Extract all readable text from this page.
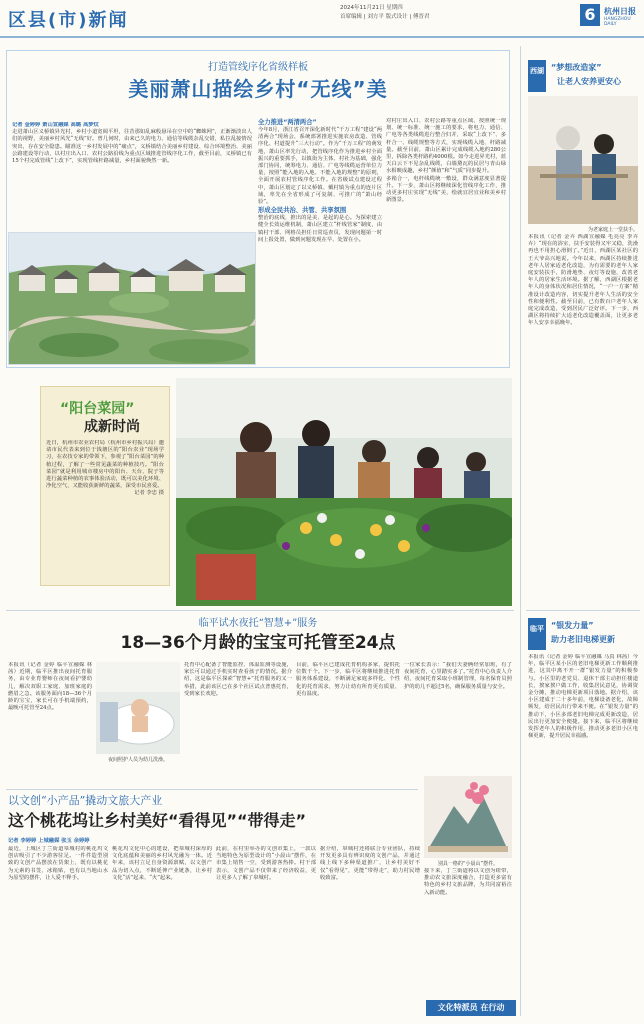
区县(市)新闻
2024年11月21日 星期四
首席编辑 | 刘方平 版式设计 | 傅晋君	6	杭州日报
HANGZHOU DAILY
打造管线序化省级样板
美丽萧山描绘乡村“无线”美
记者 金婷婷 萧山宣融媒 高璐 高梦炆
走进萧山区义桥镇昇光村，乡村小道宽阔平坦，往昔那如乱麻般悬吊在空中的“蜘蛛网”，正渐渐淡出人们的视野，美丽乡村风光“无线”好。曾几何时，由来已久的电力、通信等线缆杂乱交错，私拉乱接情况突出，存在安全隐患。瞄准这一乡村发展中的“痛点”，义桥镇结合美丽乡村建设、综合环境整治、美丽公路建设等行动，以村庄出入口、农村公路沿线为重点区域推进管线序化工作，截至目前，义桥镇已有15个村完成管线“上改下”，实现管线杆路减量，乡村面貌焕然一新。
全力推进“两清两合”
今年8月，浙江省召开深化新时代“千万工程”建设“两清两合”现场会，系统部署推进实施农房改造、管线序化、村道提升“三大行动”。作为“千万工程”的萌发地，萧山区率先行动，把管线序化作为推进乡村全面振兴的重要抓手，以镇街为主体、村社为基础，强化部门协同，统筹电力、通信、广电等线缆运营单位力量，按照“能入地的入地、不能入地的规整”的原则，全面开展农村管线序化工作。在省级试点建设过程中，萧山区划定了以义桥镇、戴村镇为重点的连片区域，率先在全省形成了可复制、可推广的“萧山经验”。
形成全民共治、共管、共享氛围
整治的底线，推出的是美、是起的是心。为探索建立健全长效运维机制，萧山区建立“杆线管家”制度，由镇村干部、网格员担任日常巡查员，发现问题第一时间上报处置，做到问题发现在早、处置在小。
对村庄出入口、农村公路等重点区域，按照统一规划、统一标准、统一施工的要求，将电力、通信、广电等各类线缆进行整合归并，采取“上改下”、多杆合一、线缆规整等方式，实现线缆入地、杆路减量。截至目前，萧山区累计完成线缆入地约280公里，拆除各类杆路约4000根。如今走进昇光村，蓝天白云下不见杂乱线缆，白墙黛瓦的民居与青山绿水相映成趣，乡村“颜值”和“气质”同步提升。
多箱合一，电杆线缆统一敷设，群众满意度显著提升。下一步，萧山区将继续深化管线序化工作，推动更多村庄实现“无线”美，绘就宜居宜业和美乡村新图景。
“阳台菜园”
成新时尚
近日，杭州市农业农村局（杭州市乡村振兴局）邀请市民代表来到位于钱塘区的“阳台农业”现场学习，在农技专家的带领下，参观了“阳台菜园”的种植过程，了解了一些常见蔬菜的种植技巧。“阳台菜园”就是利用城市楼房中的阳台、天台、院子等进行蔬菜种植的农事体验活动，既可以美化环境、净化空气，又能收获新鲜的蔬菜，深受市民喜爱。

记者 李忠 摄
临平试水夜托“智慧+”服务
18—36个月龄的宝宝可托管至24点
本报讯（记者 金婷 临平宣融媒 林茜）近期，临平区推出夜间托育服务，由专业育婴师在夜间看护婴幼儿，解决双职工家庭、加班家庭的燃眉之急。该服务面向18—36个月龄的宝宝，家长可在手机端预约，最晚可托管至24点。
夜间照护人员为幼儿洗澡。
托育中心配备了智能监控、体温监测等设施，家长可以通过手机实时查看孩子的情况。据介绍，这是临平区探索“智慧+”托育服务的又一举措，此前该区已在多个社区试点普惠托育，受到家长欢迎。
目前，临平区已建成托育机构多家，提供托位数千个。下一步，临平区将继续推进托育服务体系建设，不断满足家庭多样化、个性化的托育需求，努力让幼有所育更有质量、更有温度。
一位家长表示：“我们夫妻俩经常加班，有了夜间托育，心里踏实多了。”托育中心负责人介绍，夜间托育采取小班制管理，每名保育员照护的幼儿不超过5名，确保服务质量与安全。
以文创“小产品”撬动文旅大产业
这个桃花坞让乡村美好“看得见”“带得走”
别具一格的“小晨山”摆件。
记者 李婷婷 上城融媒 张玉 余婷婷
最近，上城区丁兰街道皋城村的桃花坞文创店吸引了不少游客驻足。一件件造型别致的文创产品摆放在货架上，既有以桃花为元素的书签、冰箱贴，也有以当地山水为原型的摆件，让人爱不释手。
桃花坞文化中心的建设，把皋城村深厚的文化底蕴和美丽的乡村风光融为一体。近年来，该村立足自身资源禀赋，以文创产品为切入点，不断延伸产业链条，让乡村文化“活”起来、“火”起来。
此前，在村里举办的文创市集上，一款以当地特色为原型设计的“小晨山”摆件，在市集上销售一空，受到游客热捧。村干部表示，文创产品不仅带来了经济收益，更让更多人了解了皋城村。
据介绍，皋城村还将联合专业团队，持续开发更多具有辨识度的文创产品，并通过线上线下多种渠道推广，让乡村美好不仅“看得见”，更能“带得走”，助力村民增收致富。
接下来，丁兰街道将以文创为纽带，推动农文旅深度融合，打造更多富有特色的乡村文旅品牌，为共同富裕注入新动能。
文化特派员 在行动
西湖 “梦想改造家”
让老人安养更安心
为老家庭上一堂扶手。
本报讯（记者 金卉 西湖宣融媒 毛亮亮 李卉卉）“现在的浴室，扶手安装得又牢又稳，洗澡再也不用担心滑倒了。”近日，西湖区某社区的王大爷高兴地说。今年以来，西湖区持续推进老年人居家适老化改造，为有需要的老年人家庭安装扶手、防滑地垫、夜灯等设施，改善老年人的居家生活环境。据了解，西湖区根据老年人的身体状况和居住情况，“一户一方案”精准设计改造内容，切实提升老年人生活的安全性和便利性。截至目前，已有数百户老年人家庭完成改造，受到居民广泛好评。下一步，西湖区将持续扩大适老化改造覆盖面，让更多老年人安享幸福晚年。
临平 “银发力量”
助力老旧电梯更新
本报讯（记者 金婷 临平宣融媒 马真 林茜）今年，临平区某小区的老旧电梯更新工作顺利推进，这其中离不开一群“银发力量”的积极参与。小区里的老党员、退休干部主动担任楼道长，挨家挨户做工作，收集居民意见，协调资金分摊，推动电梯更新项目落地。据介绍，该小区建成于二十多年前，电梯设备老化，故障频发，给居民出行带来不便。在“银发力量”的推动下，小区多部老旧电梯完成更新改造，居民出行更加安全便捷。接下来，临平区将继续发挥老年人的积极作用，推动更多老旧小区电梯更新，提升居民幸福感。
